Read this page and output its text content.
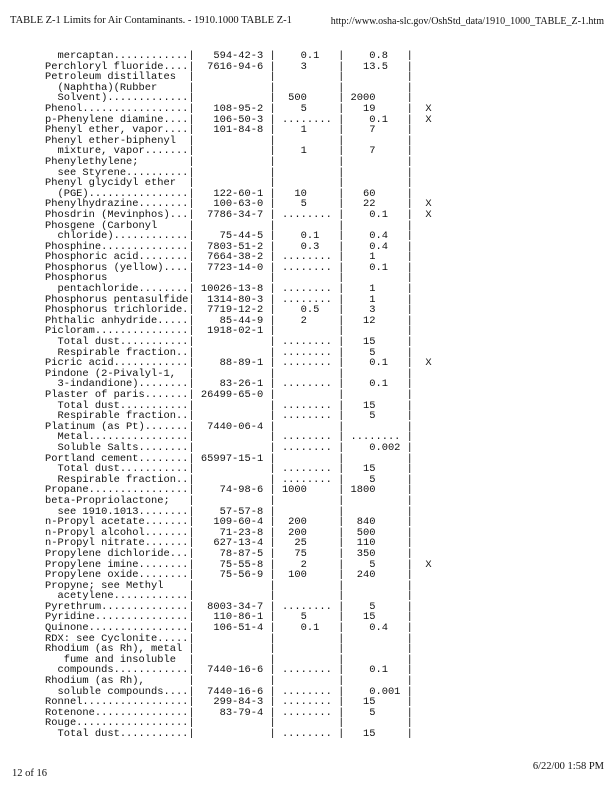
TABLE Z-1 Limits for Air Contaminants. - 1910.1000 TABLE Z-1	http://www.osha-slc.gov/OshStd_data/1910_1000_TABLE_Z-1.htm
mercaptan............|   594-42-3 |    0.1   |    0.8   |
Perchloryl fluoride....|  7616-94-6 |    3     |   13.5   |
Petroleum distillates  |            |          |          |
(Naphtha)(Rubber     |            |          |          |
Solvent).............|            |  500     | 2000     |
Phenol.................|   108-95-2 |    5     |   19     |  X
p-Phenylene diamine....|   106-50-3 | ........ |    0.1   |  X
Phenyl ether, vapor....|   101-84-8 |    1     |    7     |
Phenyl ether-biphenyl  |            |          |          |
mixture, vapor.......|            |    1     |    7     |
Phenylethylene;        |            |          |          |
see Styrene..........|            |          |          |
Phenyl glycidyl ether  |            |          |          |
(PGE)................|   122-60-1 |   10     |   60     |
Phenylhydrazine........|   100-63-0 |    5     |   22     |  X
Phosdrin (Mevinphos)...|  7786-34-7 | ........ |    0.1   |  X
Phosgene (Carbonyl     |            |          |          |
chloride)............|    75-44-5 |    0.1   |    0.4   |
Phosphine..............|  7803-51-2 |    0.3   |    0.4   |
Phosphoric acid........|  7664-38-2 | ........ |    1     |
Phosphorus (yellow)....|  7723-14-0 | ........ |    0.1   |
Phosphorus             |            |          |          |
pentachloride........| 10026-13-8 | ........ |    1     |
Phosphorus pentasulfide|  1314-80-3 | ........ |    1     |
Phosphorus trichloride.|  7719-12-2 |    0.5   |    3     |
Phthalic anhydride.....|    85-44-9 |    2     |   12     |
Picloram...............|  1918-02-1 |          |          |
Total dust...........|            | ........ |   15     |
Respirable fraction..|            | ........ |    5     |
Picric acid............|    88-89-1 | ........ |    0.1   |  X
Pindone (2-Pivalyl-1,  |            |          |          |
3-indandione)........|    83-26-1 | ........ |    0.1   |
Plaster of paris.......| 26499-65-0 |          |          |
Total dust...........|            | ........ |   15     |
Respirable fraction..|            | ........ |    5     |
Platinum (as Pt).......|  7440-06-4 |          |          |
Metal................|            | ........ | ........ |
Soluble Salts........|            | ........ |    0.002 |
Portland cement........| 65997-15-1 |          |          |
Total dust...........|            | ........ |   15     |
Respirable fraction..|            | ........ |    5     |
Propane................|    74-98-6 | 1000     | 1800     |
beta-Propriolactone;   |            |          |          |
see 1910.1013........|    57-57-8 |          |          |
n-Propyl acetate.......|   109-60-4 |  200     |  840     |
n-Propyl alcohol.......|    71-23-8 |  200     |  500     |
n-Propyl nitrate.......|   627-13-4 |   25     |  110     |
Propylene dichloride...|    78-87-5 |   75     |  350     |
Propylene imine........|    75-55-8 |    2     |    5     |  X
Propylene oxide........|    75-56-9 |  100     |  240     |
Propyne; see Methyl    |            |          |          |
acetylene............|            |          |          |
Pyrethrum..............|  8003-34-7 | ........ |    5     |
Pyridine...............|   110-86-1 |    5     |   15     |
Quinone................|   106-51-4 |    0.1   |    0.4   |
RDX: see Cyclonite.....|            |          |          |
Rhodium (as Rh), metal |            |          |          |
fume and insoluble  |            |          |          |
compounds............|  7440-16-6 | ........ |    0.1   |
Rhodium (as Rh),       |            |          |          |
soluble compounds....|  7440-16-6 | ........ |    0.001 |
Ronnel.................|   299-84-3 | ........ |   15     |
Rotenone...............|    83-79-4 | ........ |    5     |
Rouge..................|            |          |          |
Total dust...........|            | ........ |   15     |
12 of 16
6/22/00 1:58 PM
